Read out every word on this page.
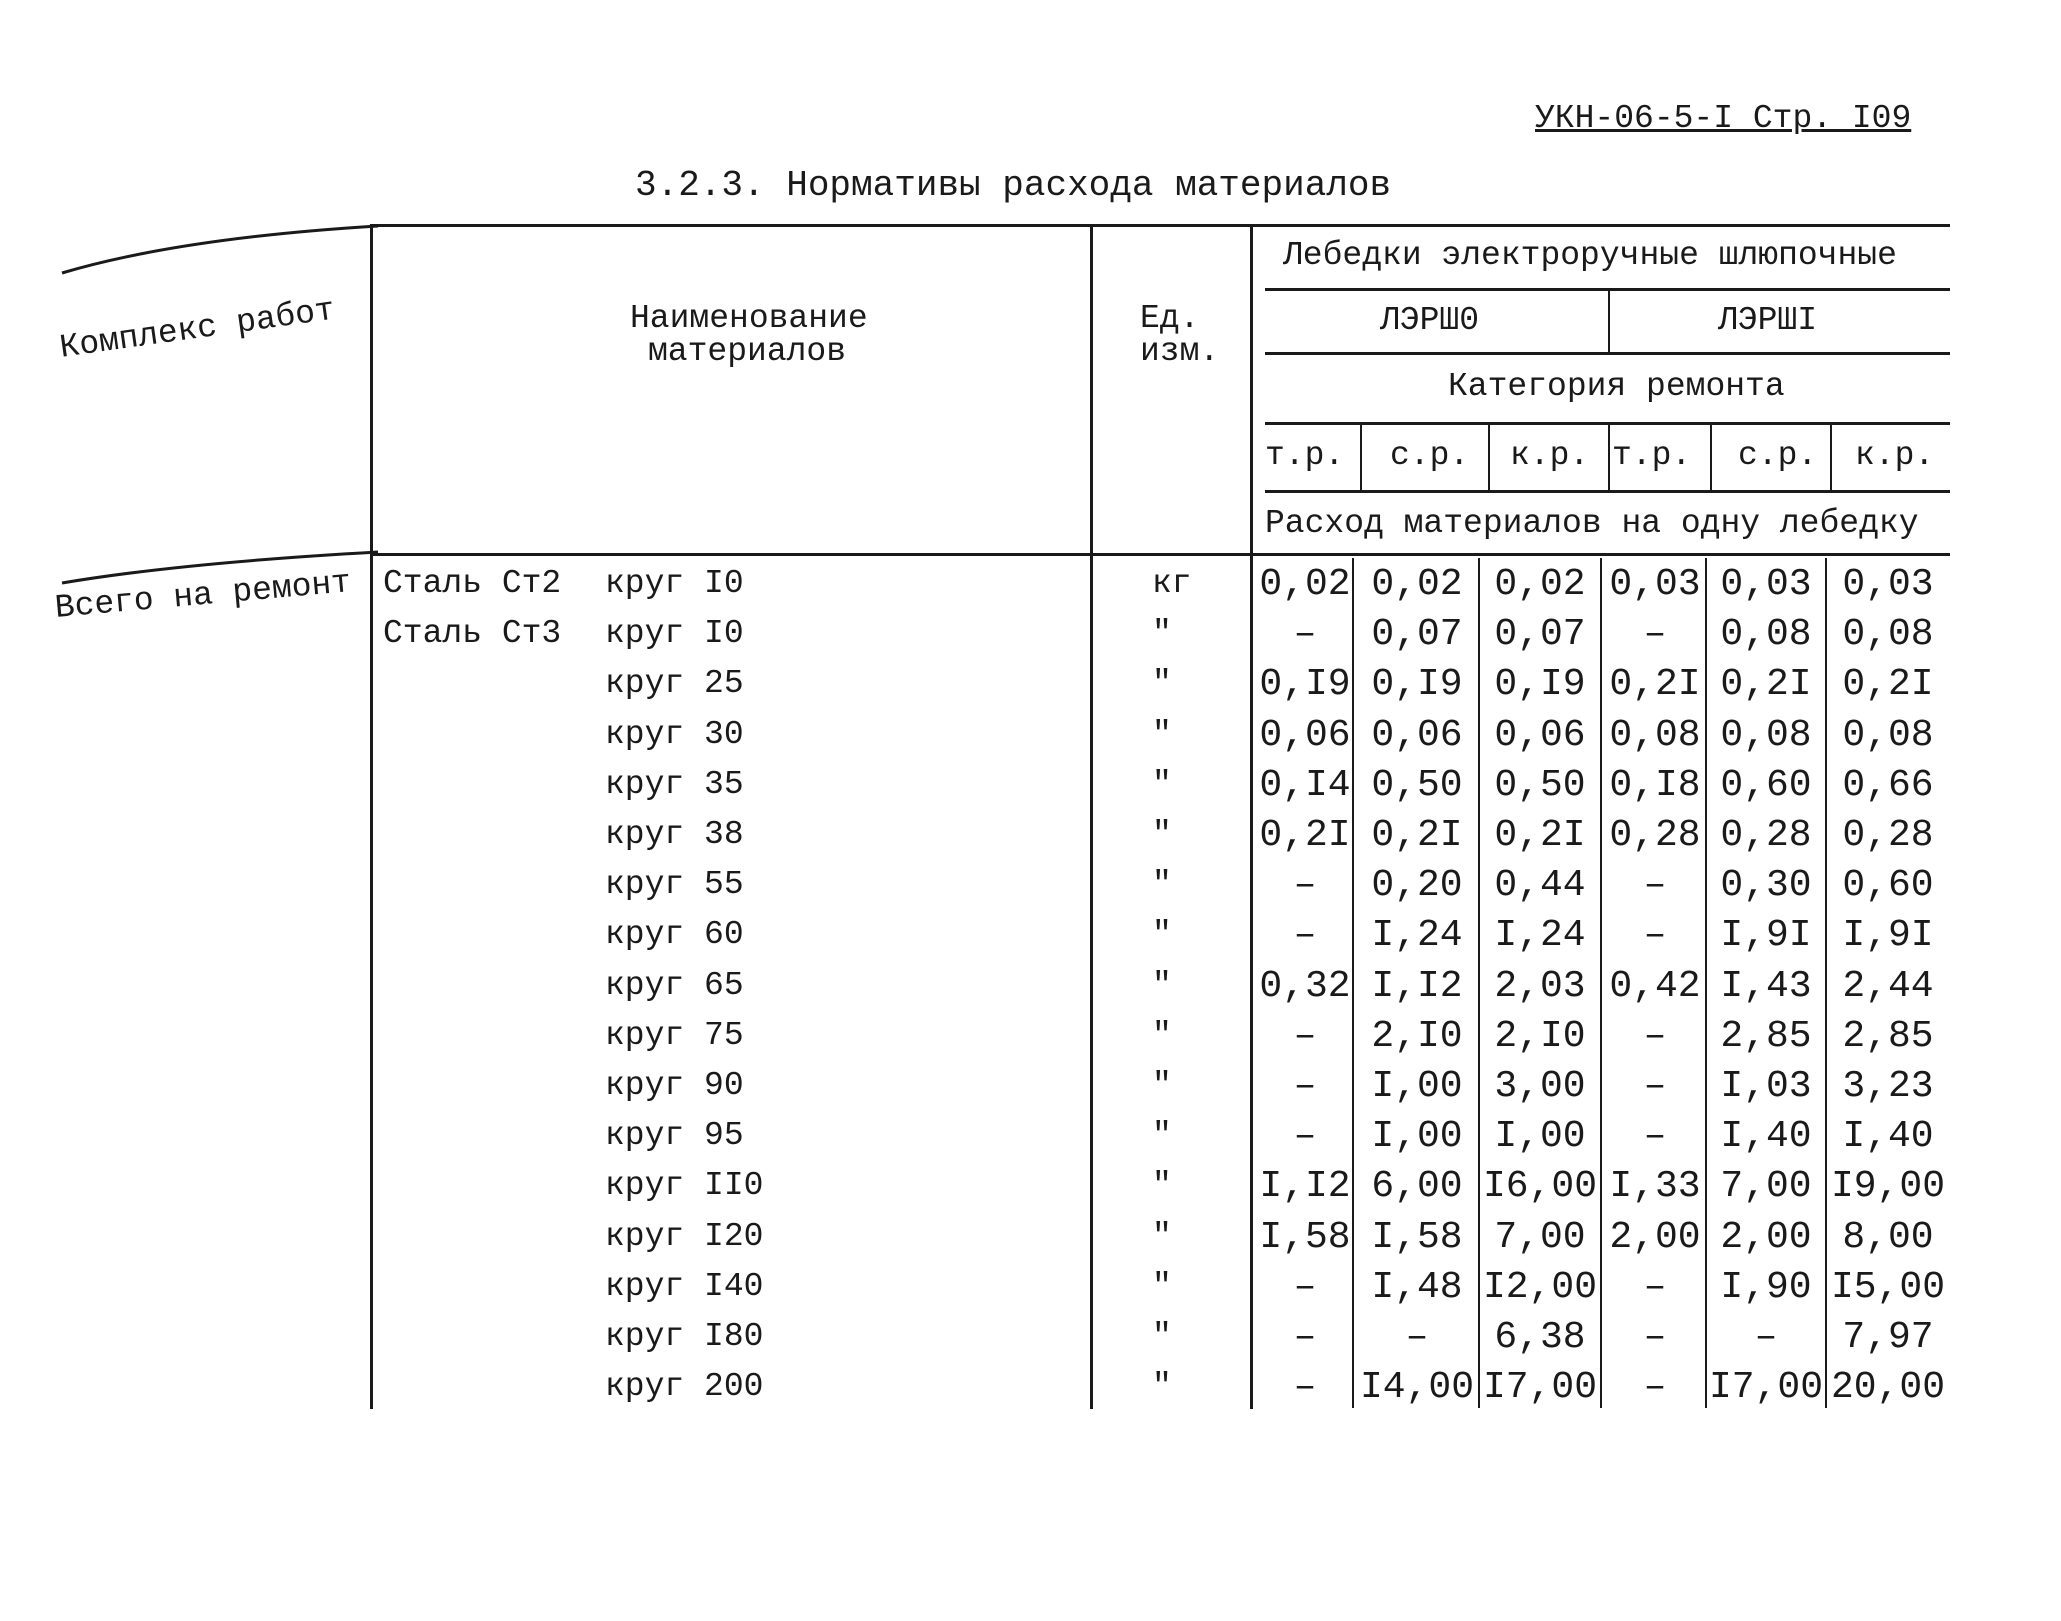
УКН-06-5-I Стр. I09
3.2.3. Нормативы расхода материалов
Комплекс работ	Наименование
материалов
Ед.
изм.
Лебедки электроручные шлюпочные
ЛЭРШ0	ЛЭРШI
Категория ремонта
т.р. с.р. к.р. т.р. с.р. к.р.
Расход материалов на одну лебедку
Всего на ремонт Сталь Ст2 круг I0	кг	0,02 0,02 0,02 0,03 0,03 0,03
Сталь Ст3 круг I0	"	–	0,07 0,07	–	0,08 0,08
круг 25	"	0,I9 0,I9 0,I9 0,2I 0,2I 0,2I
круг 30	"	0,06 0,06 0,06 0,08 0,08 0,08
круг 35	"	0,I4 0,50 0,50 0,I8 0,60 0,66
круг 38	"	0,2I 0,2I 0,2I 0,28 0,28 0,28
круг 55	"	–	0,20 0,44	–	0,30 0,60
круг 60	"	–	I,24 I,24	–	I,9I I,9I
круг 65	"	0,32 I,I2 2,03 0,42 I,43 2,44
круг 75	"	–	2,I0 2,I0	–	2,85 2,85
круг 90	"	–	I,00 3,00	–	I,03 3,23
круг 95	"	–	I,00 I,00	–	I,40 I,40
круг II0	"	I,I2 6,00 I6,00 I,33 7,00 I9,00
круг I20	"	I,58 I,58 7,00 2,00 2,00 8,00
круг I40	"	–	I,48 I2,00	–	I,90 I5,00
круг I80	"	–	–	6,38	–	–	7,97
круг 200	"	–	I4,00 I7,00	–	I7,00 20,00
